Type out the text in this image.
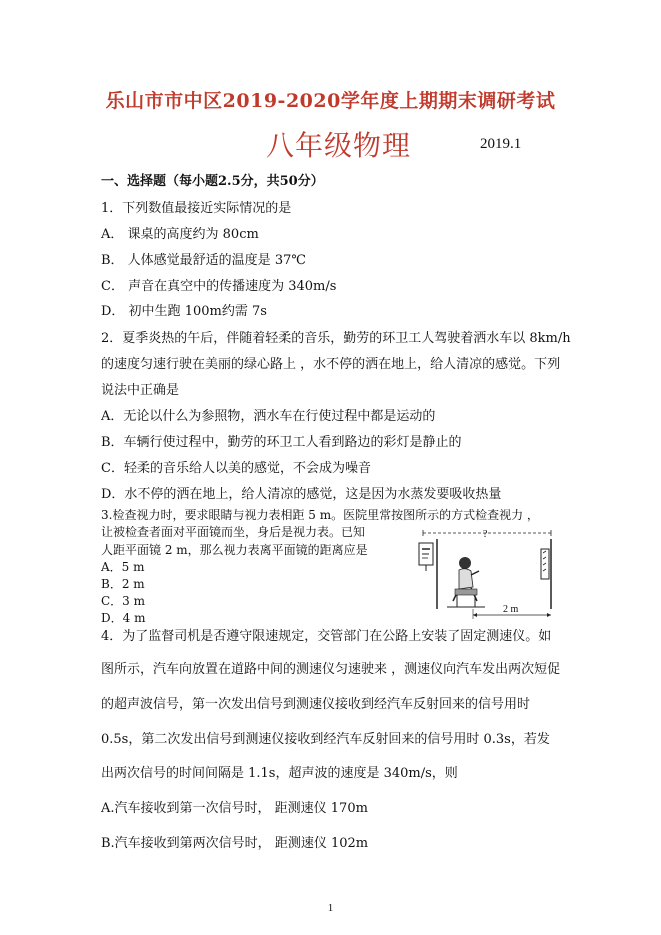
乐山市市中区2019-2020学年度上期期末调研考试
八年级物理	2019.1
一、选择题（每小题2.5分，共50分）
1．下列数值最接近实际情况的是
A． 课桌的高度约为 80cm
B． 人体感觉最舒适的温度是 37℃
C． 声音在真空中的传播速度为 340m/s
D． 初中生跑 100m约需 7s
2．夏季炎热的午后，伴随着轻柔的音乐，勤劳的环卫工人驾驶着洒水车以 8km/h
的速度匀速行驶在美丽的绿心路上 ，水不停的洒在地上，给人清凉的感觉。下列
说法中正确是
A．无论以什么为参照物，洒水车在行使过程中都是运动的
B．车辆行使过程中，勤劳的环卫工人看到路边的彩灯是静止的
C．轻柔的音乐给人以美的感觉，不会成为噪音
D．水不停的洒在地上，给人清凉的感觉，这是因为水蒸发要吸收热量
3.检查视力时，要求眼睛与视力表相距 5 m。医院里常按图所示的方式检查视力 ，
让被检查者面对平面镜而坐，身后是视力表。已知
人距平面镜 2 m，那么视力表离平面镜的距离应是
A．5 m
B．2 m
C．3 m
D．4 m
?
2 m
4．为了监督司机是否遵守限速规定，交管部门在公路上安装了固定测速仪。如
图所示，汽车向放置在道路中间的测速仪匀速驶来 ，测速仪向汽车发出两次短促
的超声波信号，第一次发出信号到测速仪接收到经汽车反射回来的信号用时
0.5s，第二次发出信号到测速仪接收到经汽车反射回来的信号用时 0.3s，若发
出两次信号的时间间隔是 1.1s，超声波的速度是 340m/s，则
A.汽车接收到第一次信号时， 距测速仪 170m
B.汽车接收到第两次信号时， 距测速仪 102m
1
